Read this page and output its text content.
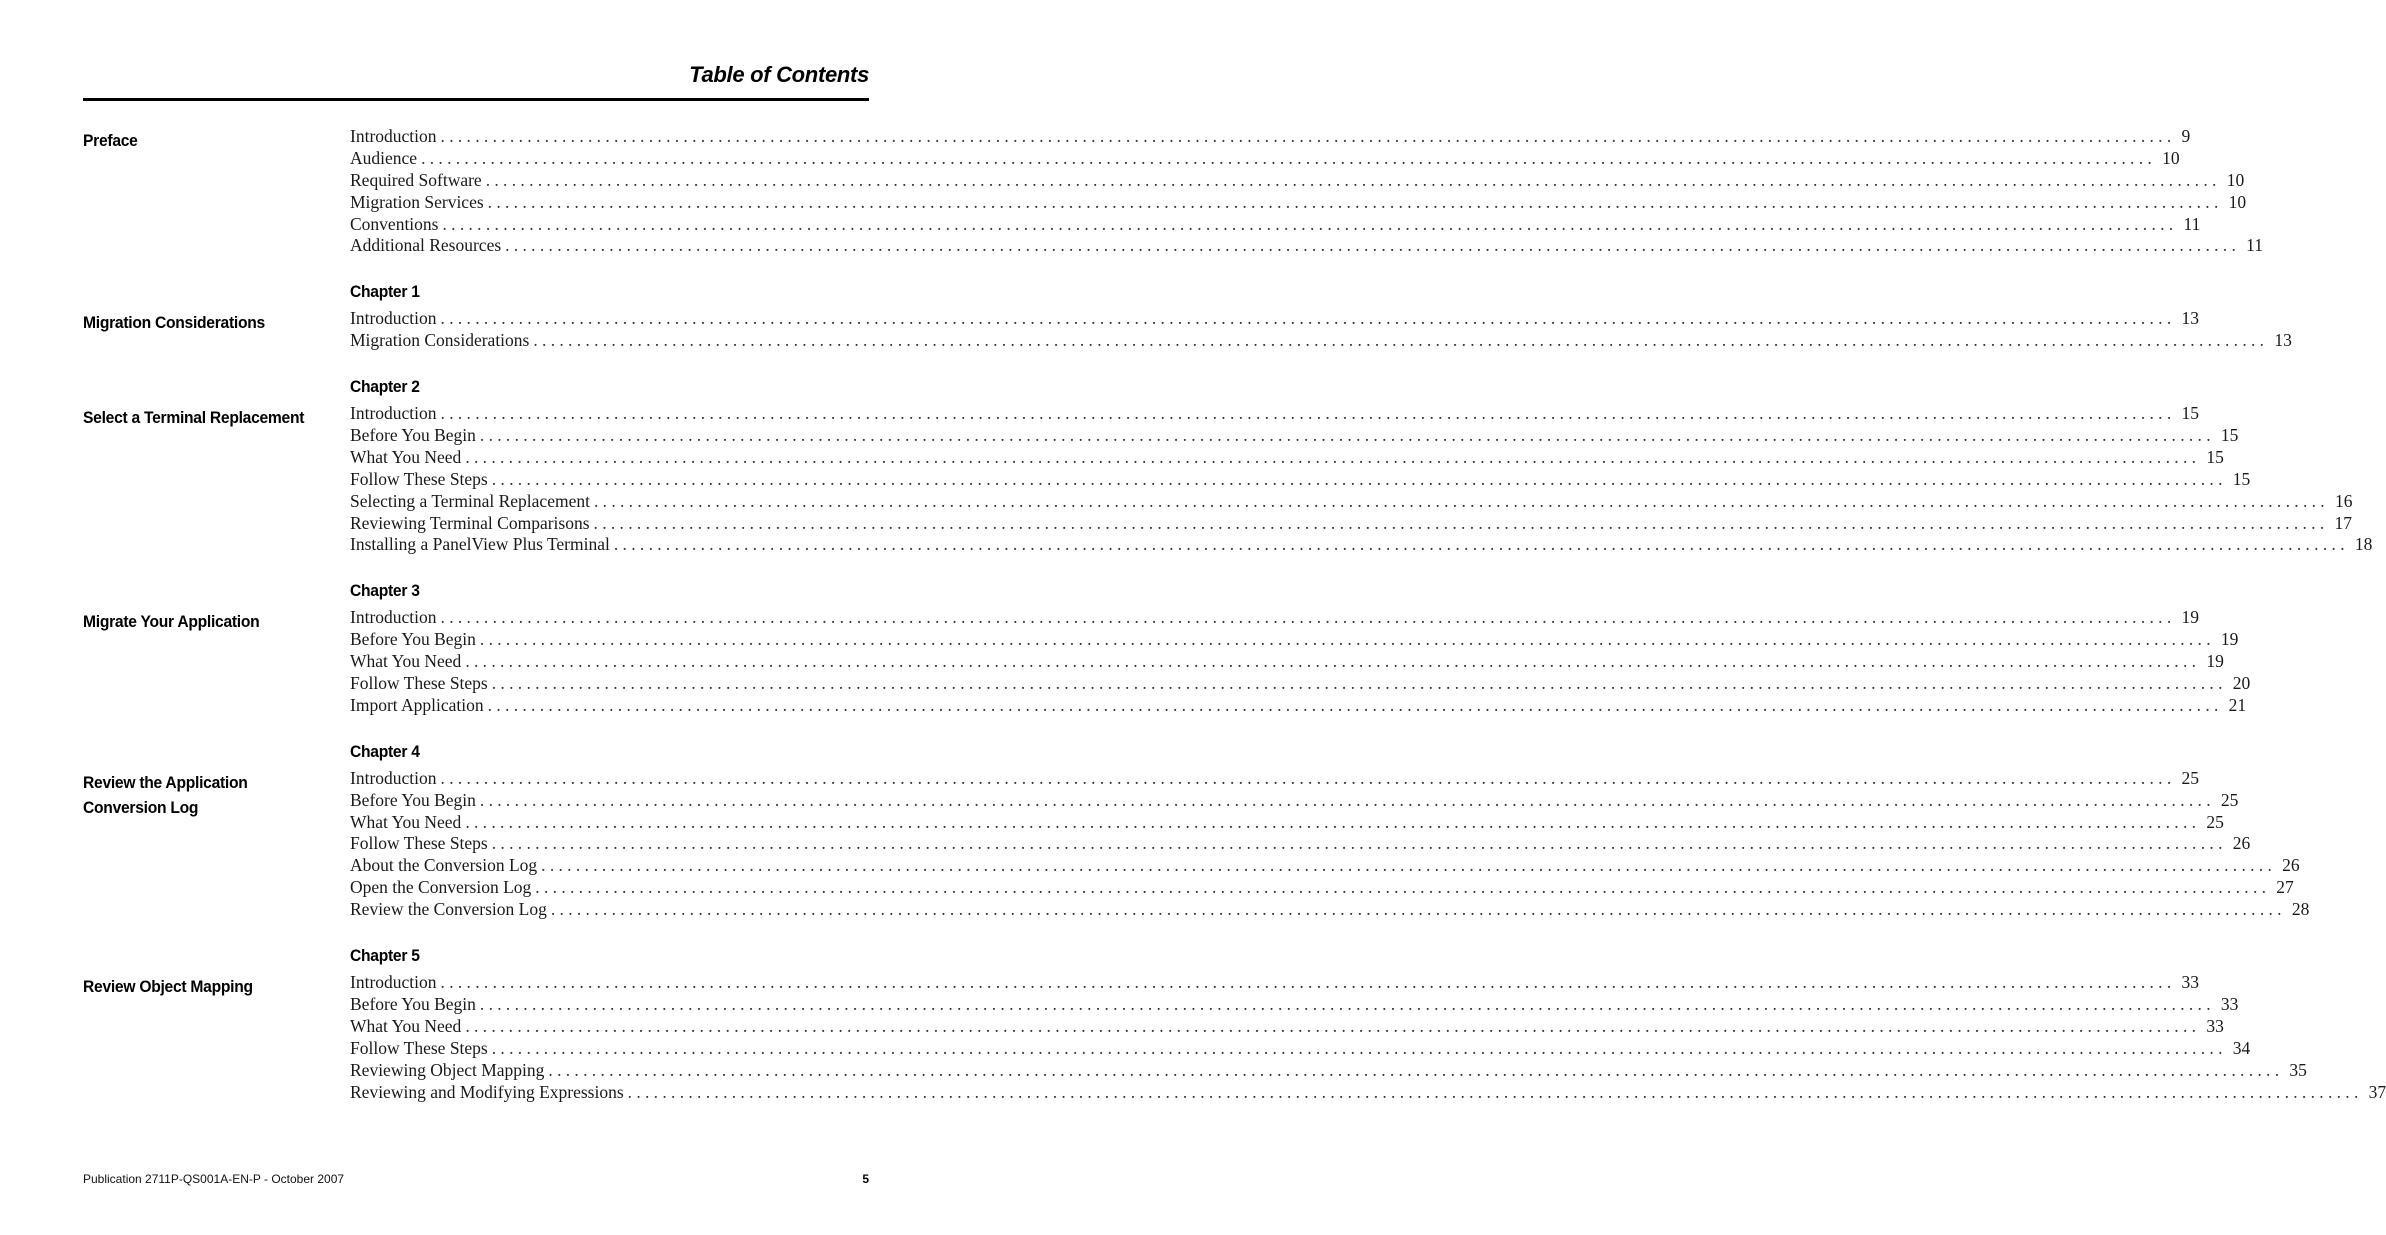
Table of Contents
Preface	Introduction ........................................................................................................................................................................................................ 9
Audience ........................................................................................................................................................................................................ 10
Required Software ........................................................................................................................................................................................................ 10
Migration Services ........................................................................................................................................................................................................ 10
Conventions ........................................................................................................................................................................................................ 11
Additional Resources ........................................................................................................................................................................................................ 11
Migration Considerations
Chapter 1
Introduction ........................................................................................................................................................................................................ 13
Migration Considerations ........................................................................................................................................................................................................ 13
Select a Terminal Replacement
Chapter 2
Introduction ........................................................................................................................................................................................................ 15
Before You Begin ........................................................................................................................................................................................................ 15
What You Need ........................................................................................................................................................................................................ 15
Follow These Steps ........................................................................................................................................................................................................ 15
Selecting a Terminal Replacement ........................................................................................................................................................................................................ 16
Reviewing Terminal Comparisons ........................................................................................................................................................................................................ 17
Installing a PanelView Plus Terminal ........................................................................................................................................................................................................ 18
Migrate Your Application
Chapter 3
Introduction ........................................................................................................................................................................................................ 19
Before You Begin ........................................................................................................................................................................................................ 19
What You Need ........................................................................................................................................................................................................ 19
Follow These Steps ........................................................................................................................................................................................................ 20
Import Application ........................................................................................................................................................................................................ 21
Review the Application
Conversion Log
Chapter 4
Introduction ........................................................................................................................................................................................................ 25
Before You Begin ........................................................................................................................................................................................................ 25
What You Need ........................................................................................................................................................................................................ 25
Follow These Steps ........................................................................................................................................................................................................ 26
About the Conversion Log ........................................................................................................................................................................................................ 26
Open the Conversion Log ........................................................................................................................................................................................................ 27
Review the Conversion Log ........................................................................................................................................................................................................ 28
Review Object Mapping
Chapter 5
Introduction ........................................................................................................................................................................................................ 33
Before You Begin ........................................................................................................................................................................................................ 33
What You Need ........................................................................................................................................................................................................ 33
Follow These Steps ........................................................................................................................................................................................................ 34
Reviewing Object Mapping ........................................................................................................................................................................................................ 35
Reviewing and Modifying Expressions ........................................................................................................................................................................................................ 37
Publication 2711P-QS001A-EN-P - October 2007	5
